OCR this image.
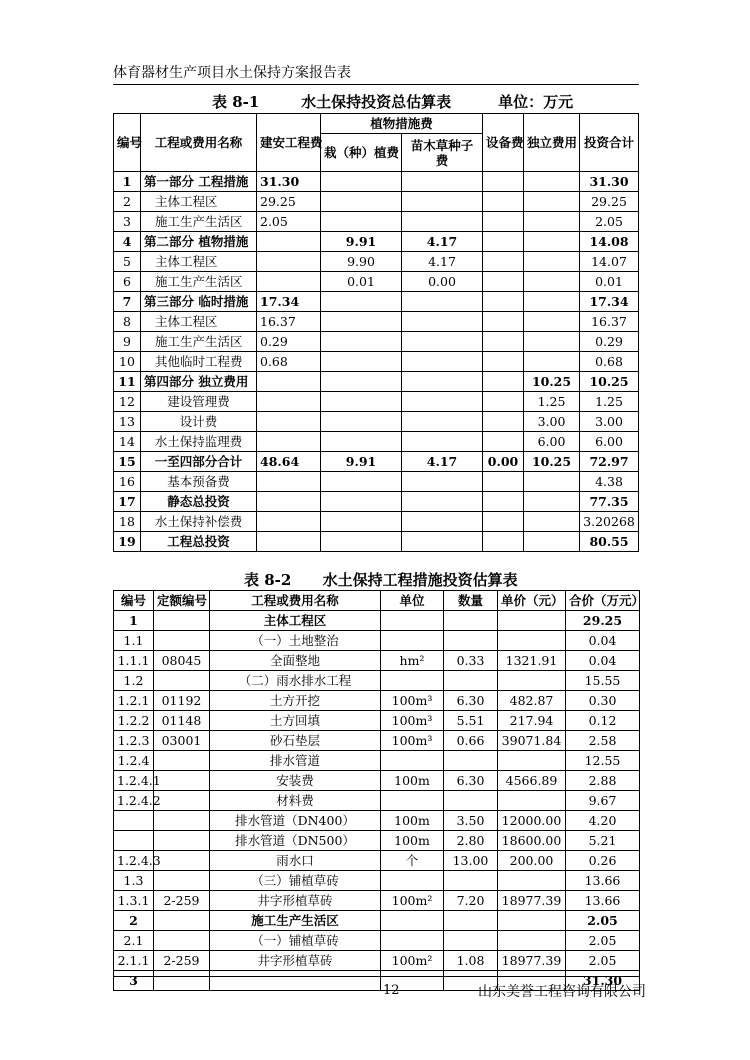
体育器材生产项目水土保持方案报告表
表 8-1        水土保持投资总估算表         单位：万元
编号	工程或费用名称	建安工程费	植物措施费		设备费	独立费用	投资合计
			栽（种）植费	苗木草种子费			
1	第一部分 工程措施	31.30					31.30
2	主体工程区	29.25					29.25
3	施工生产生活区	2.05					2.05
4	第二部分 植物措施		9.91	4.17			14.08
5	主体工程区		9.90	4.17			14.07
6	施工生产生活区		0.01	0.00			0.01
7	第三部分 临时措施	17.34					17.34
8	主体工程区	16.37					16.37
9	施工生产生活区	0.29					0.29
10	其他临时工程费	0.68					0.68
11	第四部分 独立费用					10.25	10.25
12	建设管理费					1.25	1.25
13	设计费					3.00	3.00
14	水土保持监理费					6.00	6.00
15	一至四部分合计	48.64	9.91	4.17	0.00	10.25	72.97
16	基本预备费						4.38
17	静态总投资						77.35
18	水土保持补偿费						3.20268
19	工程总投资						80.55
表 8-2      水土保持工程措施投资估算表
编号	定额编号	工程或费用名称	单位	数量	单价（元）	合价（万元）
1		主体工程区				29.25
1.1		（一）土地整治				0.04
1.1.1	08045	全面整地	hm²	0.33	1321.91	0.04
1.2		（二）雨水排水工程				15.55
1.2.1	01192	土方开挖	100m³	6.30	482.87	0.30
1.2.2	01148	土方回填	100m³	5.51	217.94	0.12
1.2.3	03001	砂石垫层	100m³	0.66	39071.84	2.58
1.2.4		排水管道				12.55
1.2.4.1		安装费	100m	6.30	4566.89	2.88
1.2.4.2		材料费				9.67
		排水管道（DN400）	100m	3.50	12000.00	4.20
		排水管道（DN500）	100m	2.80	18600.00	5.21
1.2.4.3		雨水口	个	13.00	200.00	0.26
1.3		（三）铺植草砖				13.66
1.3.1	2-259	井字形植草砖	100m²	7.20	18977.39	13.66
2		施工生产生活区				2.05
2.1		（一）铺植草砖				2.05
2.1.1	2-259	井字形植草砖	100m²	1.08	18977.39	2.05
3						31.30
12	山东美誉工程咨询有限公司
